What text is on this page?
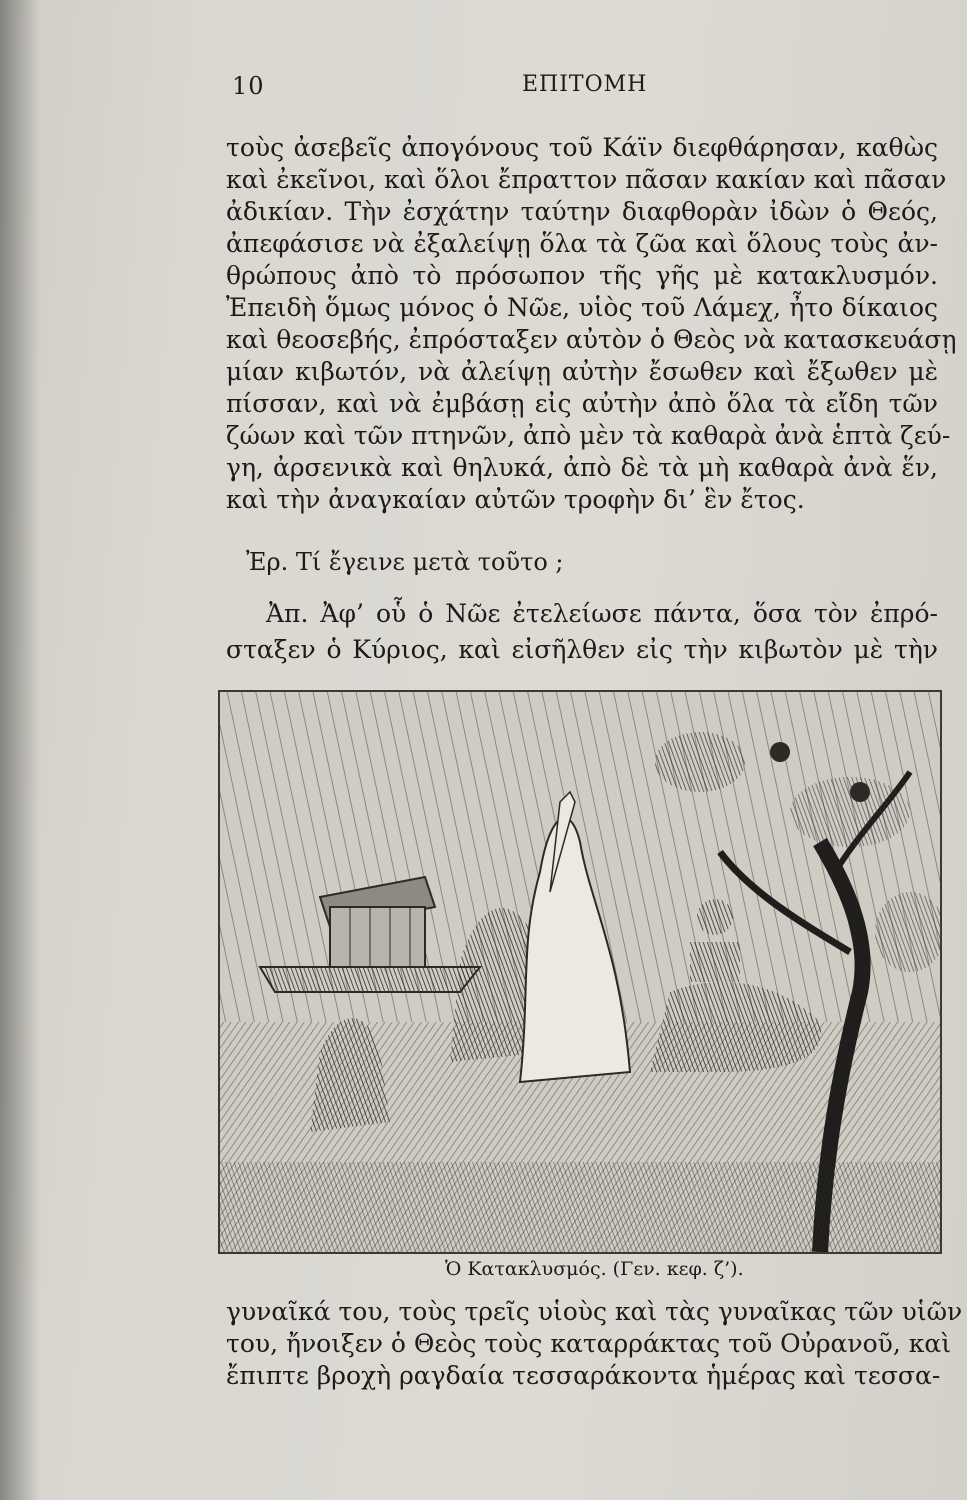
10	ΕΠΙΤΟΜΗ
τοὺς ἀσεβεῖς ἀπογόνους τοῦ Κάϊν διεφθάρησαν, καθὼς
καὶ ἐκεῖνοι, καὶ ὅλοι ἔπραττον πᾶσαν κακίαν καὶ πᾶσαν
ἀδικίαν. Τὴν ἐσχάτην ταύτην διαφθορὰν ἰδὼν ὁ Θεός,
ἀπεφάσισε νὰ ἐξαλείψῃ ὅλα τὰ ζῶα καὶ ὅλους τοὺς ἀν-
θρώπους ἀπὸ τὸ πρόσωπον τῆς γῆς μὲ κατακλυσμόν.
Ἐπειδὴ ὅμως μόνος ὁ Νῶε, υἱὸς τοῦ Λάμεχ, ἦτο δίκαιος
καὶ θεοσεβής, ἐπρόσταξεν αὐτὸν ὁ Θεὸς νὰ κατασκευάσῃ
μίαν κιβωτόν, νὰ ἀλείψῃ αὐτὴν ἔσωθεν καὶ ἔξωθεν μὲ
πίσσαν, καὶ νὰ ἐμβάσῃ εἰς αὐτὴν ἀπὸ ὅλα τὰ εἴδη τῶν
ζώων καὶ τῶν πτηνῶν, ἀπὸ μὲν τὰ καθαρὰ ἀνὰ ἑπτὰ ζεύ-
γη, ἀρσενικὰ καὶ θηλυκά, ἀπὸ δὲ τὰ μὴ καθαρὰ ἀνὰ ἕν,
καὶ τὴν ἀναγκαίαν αὐτῶν τροφὴν δι’ ἓν ἔτος.
Ἐρ. Τί ἔγεινε μετὰ τοῦτο ;
Ἀπ. Ἀφ’ οὗ ὁ Νῶε ἐτελείωσε πάντα, ὅσα τὸν ἐπρό-
σταξεν ὁ Κύριος, καὶ εἰσῆλθεν εἰς τὴν κιβωτὸν μὲ τὴν
Ὁ Κατακλυσμός. (Γεν. κεφ. ζ’).
γυναῖκά του, τοὺς τρεῖς υἱοὺς καὶ τὰς γυναῖκας τῶν υἱῶν
του, ἤνοιξεν ὁ Θεὸς τοὺς καταρράκτας τοῦ Οὐρανοῦ, καὶ
ἔπιπτε βροχὴ ραγδαία τεσσαράκοντα ἡμέρας καὶ τεσσα-
